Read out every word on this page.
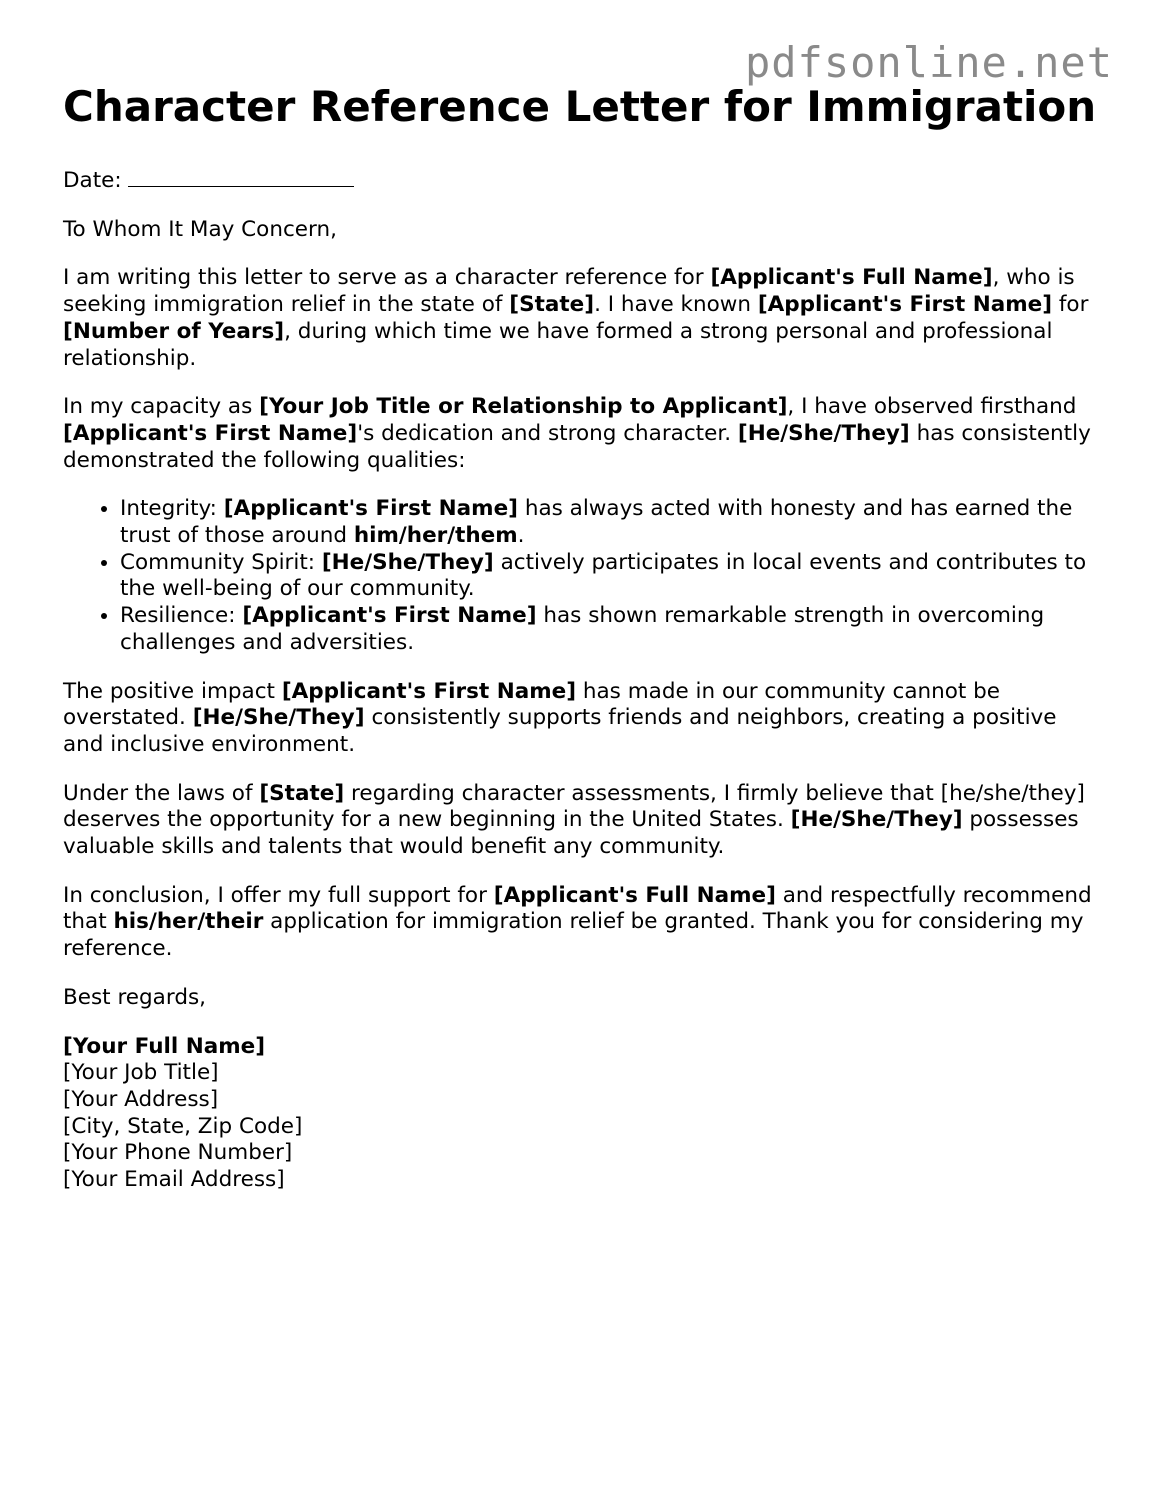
pdfsonline.net
Character Reference Letter for Immigration

Date:

To Whom It May Concern,

I am writing this letter to serve as a character reference for [Applicant's Full Name], who is seeking immigration relief in the state of [State]. I have known [Applicant's First Name] for [Number of Years], during which time we have formed a strong personal and professional relationship.

In my capacity as [Your Job Title or Relationship to Applicant], I have observed firsthand [Applicant's First Name]'s dedication and strong character. [He/She/They] has consistently demonstrated the following qualities:

• Integrity: [Applicant's First Name] has always acted with honesty and has earned the trust of those around him/her/them.
• Community Spirit: [He/She/They] actively participates in local events and contributes to the well-being of our community.
• Resilience: [Applicant's First Name] has shown remarkable strength in overcoming challenges and adversities.

The positive impact [Applicant's First Name] has made in our community cannot be overstated. [He/She/They] consistently supports friends and neighbors, creating a positive and inclusive environment.

Under the laws of [State] regarding character assessments, I firmly believe that [he/she/they] deserves the opportunity for a new beginning in the United States. [He/She/They] possesses valuable skills and talents that would benefit any community.

In conclusion, I offer my full support for [Applicant's Full Name] and respectfully recommend that his/her/their application for immigration relief be granted. Thank you for considering my reference.

Best regards,

[Your Full Name]
[Your Job Title]
[Your Address]
[City, State, Zip Code]
[Your Phone Number]
[Your Email Address]
